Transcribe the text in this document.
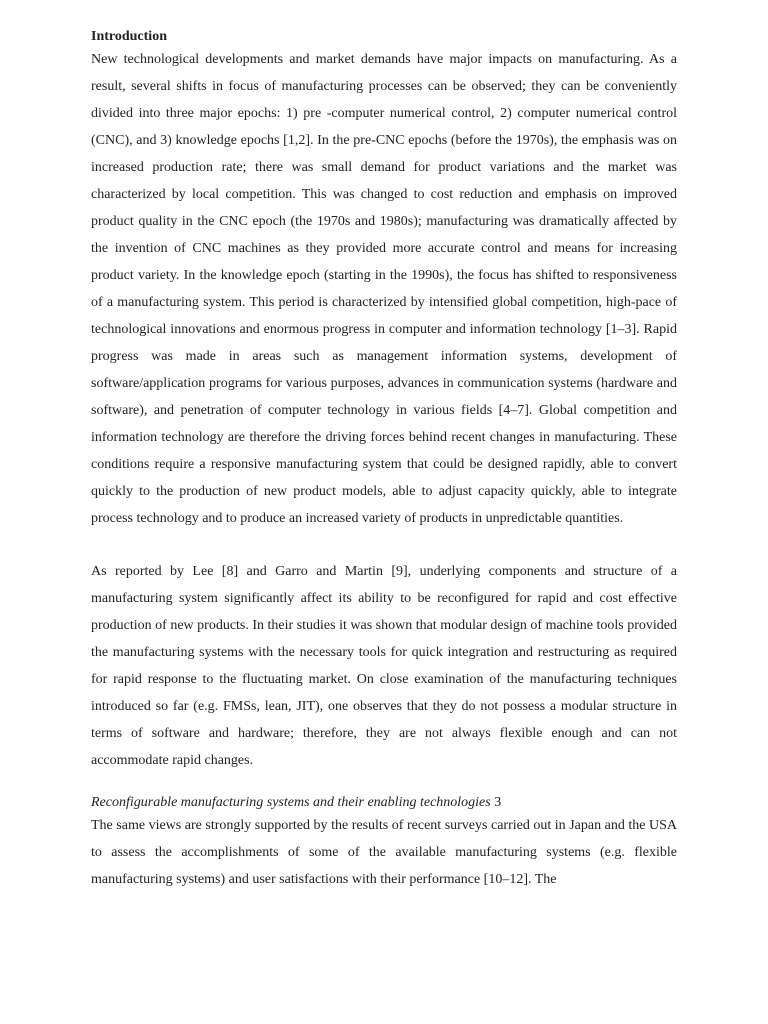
Introduction

New technological developments and market demands have major impacts on manufacturing. As a result, several shifts in focus of manufacturing processes can be observed; they can be conveniently divided into three major epochs: 1) pre -computer numerical control, 2) computer numerical control (CNC), and 3) knowledge epochs [1,2]. In the pre-CNC epochs (before the 1970s), the emphasis was on increased production rate; there was small demand for product variations and the market was characterized by local competition. This was changed to cost reduction and emphasis on improved product quality in the CNC epoch (the 1970s and 1980s); manufacturing was dramatically affected by the invention of CNC machines as they provided more accurate control and means for increasing product variety. In the knowledge epoch (starting in the 1990s), the focus has shifted to responsiveness of a manufacturing system. This period is characterized by intensified global competition, high-pace of technological innovations and enormous progress in computer and information technology [1–3]. Rapid progress was made in areas such as management information systems, development of software/application programs for various purposes, advances in communication systems (hardware and software), and penetration of computer technology in various fields [4–7]. Global competition and information technology are therefore the driving forces behind recent changes in manufacturing. These conditions require a responsive manufacturing system that could be designed rapidly, able to convert quickly to the production of new product models, able to adjust capacity quickly, able to integrate process technology and to produce an increased variety of products in unpredictable quantities.

As reported by Lee [8] and Garro and Martin [9], underlying components and structure of a manufacturing system significantly affect its ability to be reconfigured for rapid and cost effective production of new products. In their studies it was shown that modular design of machine tools provided the manufacturing systems with the necessary tools for quick integration and restructuring as required for rapid response to the fluctuating market. On close examination of the manufacturing techniques introduced so far (e.g. FMSs, lean, JIT), one observes that they do not possess a modular structure in terms of software and hardware; therefore, they are not always flexible enough and can not accommodate rapid changes.

Reconfigurable manufacturing systems and their enabling technologies 3

The same views are strongly supported by the results of recent surveys carried out in Japan and the USA to assess the accomplishments of some of the available manufacturing systems (e.g. flexible manufacturing systems) and user satisfactions with their performance [10–12]. The
